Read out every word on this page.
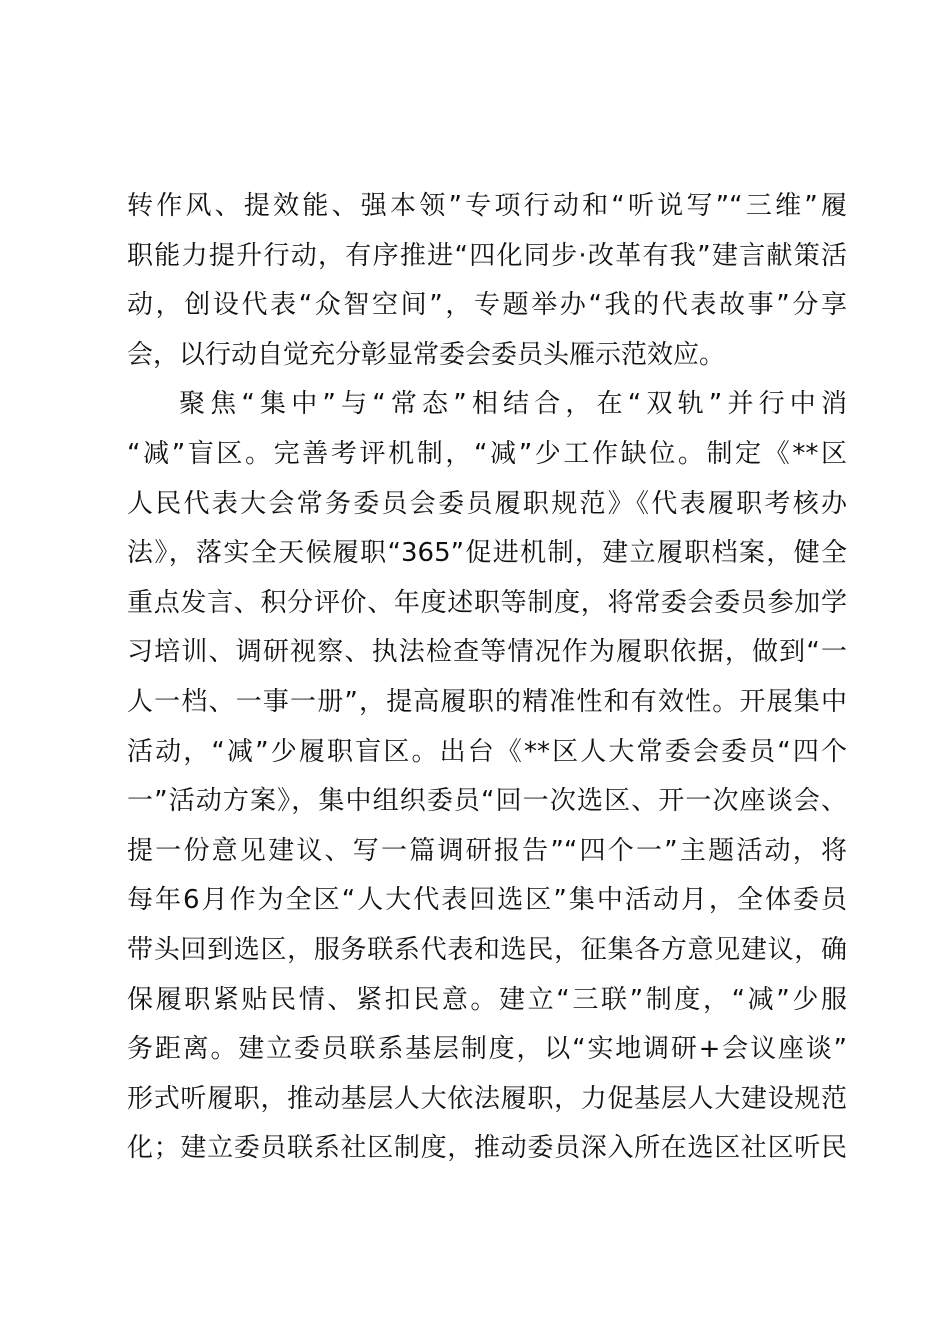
转作风、提效能、强本领”专项行动和“听说写”“三维”履
职能力提升行动，有序推进“四化同步·改革有我”建言献策活
动，创设代表“众智空间”，专题举办“我的代表故事”分享
会，以行动自觉充分彰显常委会委员头雁示范效应。
聚焦“集中”与“常态”相结合，在“双轨”并行中消
“减”盲区。完善考评机制，“减”少工作缺位。制定《**区
人民代表大会常务委员会委员履职规范》《代表履职考核办
法》，落实全天候履职“365”促进机制，建立履职档案，健全
重点发言、积分评价、年度述职等制度，将常委会委员参加学
习培训、调研视察、执法检查等情况作为履职依据，做到“一
人一档、一事一册”，提高履职的精准性和有效性。开展集中
活动，“减”少履职盲区。出台《**区人大常委会委员“四个
一”活动方案》，集中组织委员“回一次选区、开一次座谈会、
提一份意见建议、写一篇调研报告”“四个一”主题活动，将
每年6月作为全区“人大代表回选区”集中活动月，全体委员
带头回到选区，服务联系代表和选民，征集各方意见建议，确
保履职紧贴民情、紧扣民意。建立“三联”制度，“减”少服
务距离。建立委员联系基层制度，以“实地调研+会议座谈”
形式听履职，推动基层人大依法履职，力促基层人大建设规范
化；建立委员联系社区制度，推动委员深入所在选区社区听民
